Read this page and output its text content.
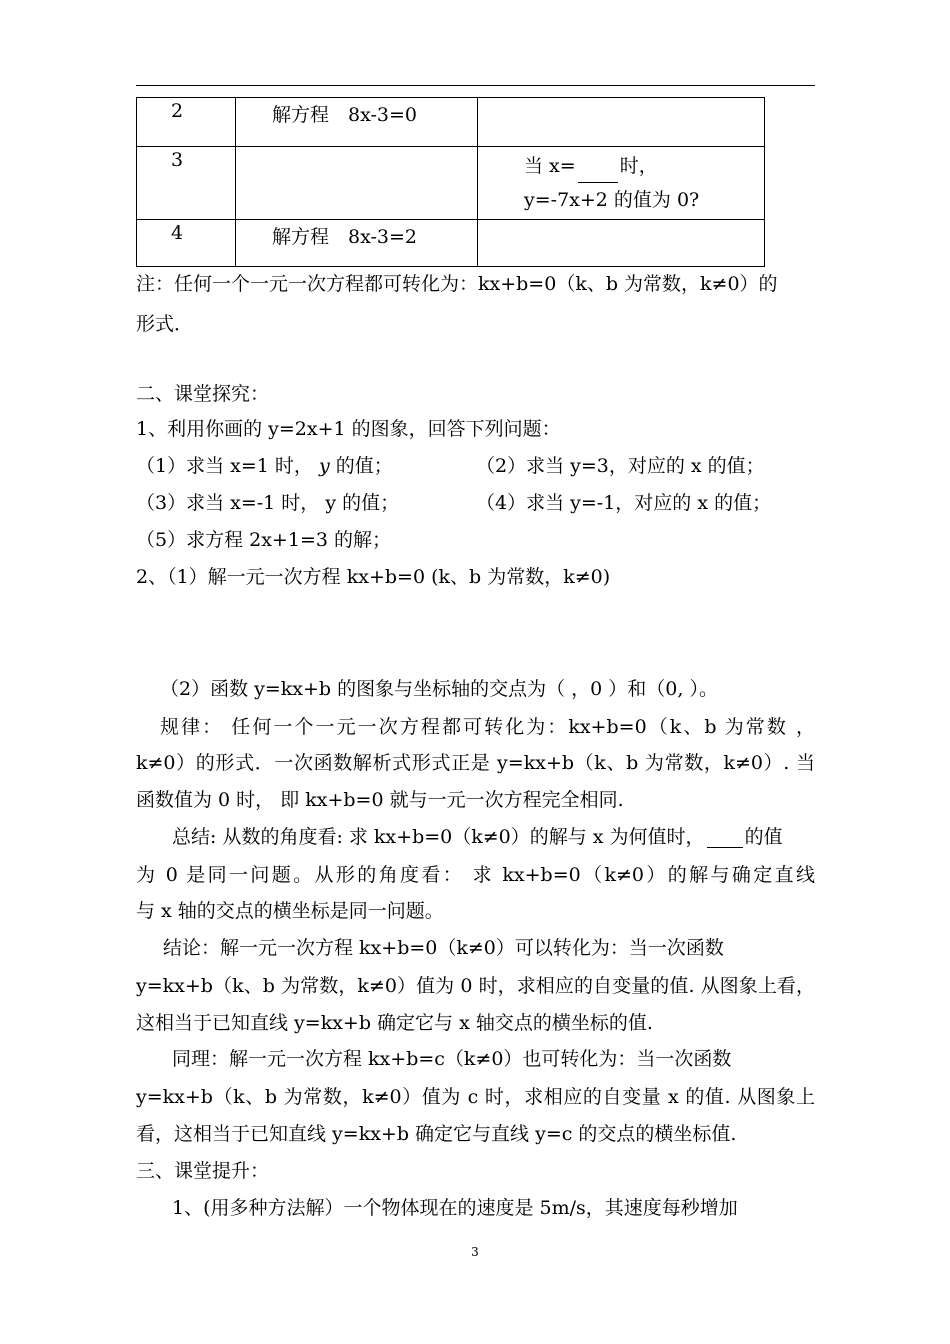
2	解方程　8x-3=0	

3		当 x= 时，
y=-7x+2 的值为 0?

4	解方程　8x-3=2	

注：任何一个一元一次方程都可转化为：kx+b=0（k、b 为常数，k≠0）的
形式．
二、课堂探究：
1、利用你画的 y=2x+1 的图象，回答下列问题：
（1）求当 x=1 时， y 的值；	（2）求当 y=3，对应的 x 的值；
（3）求当 x=-1 时， y 的值；	（4）求当 y=-1，对应的 x 的值；
（5）求方程 2x+1=3 的解；
2、（1）解一元一次方程 kx+b=0 (k、b 为常数，k≠0)
（2）函数 y=kx+b 的图象与坐标轴的交点为（ ，0 ）和（0, ）。
规律： 任何一个一元一次方程都可转化为：kx+b=0（k、b 为常数 ，
k≠0）的形式．一次函数解析式形式正是 y=kx+b（k、b 为常数，k≠0）. 当
函数值为 0 时， 即 kx+b=0 就与一元一次方程完全相同.
总结: 从数的角度看: 求 kx+b=0（k≠0）的解与 x 为何值时， 的值
为 0 是同一问题。从形的角度看： 求 kx+b=0（k≠0）的解与确定直线
与 x 轴的交点的横坐标是同一问题。
结论：解一元一次方程 kx+b=0（k≠0）可以转化为：当一次函数
y=kx+b（k、b 为常数，k≠0）值为 0 时，求相应的自变量的值. 从图象上看，
这相当于已知直线 y=kx+b 确定它与 x 轴交点的横坐标的值.
同理：解一元一次方程 kx+b=c（k≠0）也可转化为：当一次函数
y=kx+b（k、b 为常数，k≠0）值为 c 时，求相应的自变量 x 的值. 从图象上
看，这相当于已知直线 y=kx+b 确定它与直线 y=c 的交点的横坐标值.
三、课堂提升：
1、(用多种方法解）一个物体现在的速度是 5m/s，其速度每秒增加
3
